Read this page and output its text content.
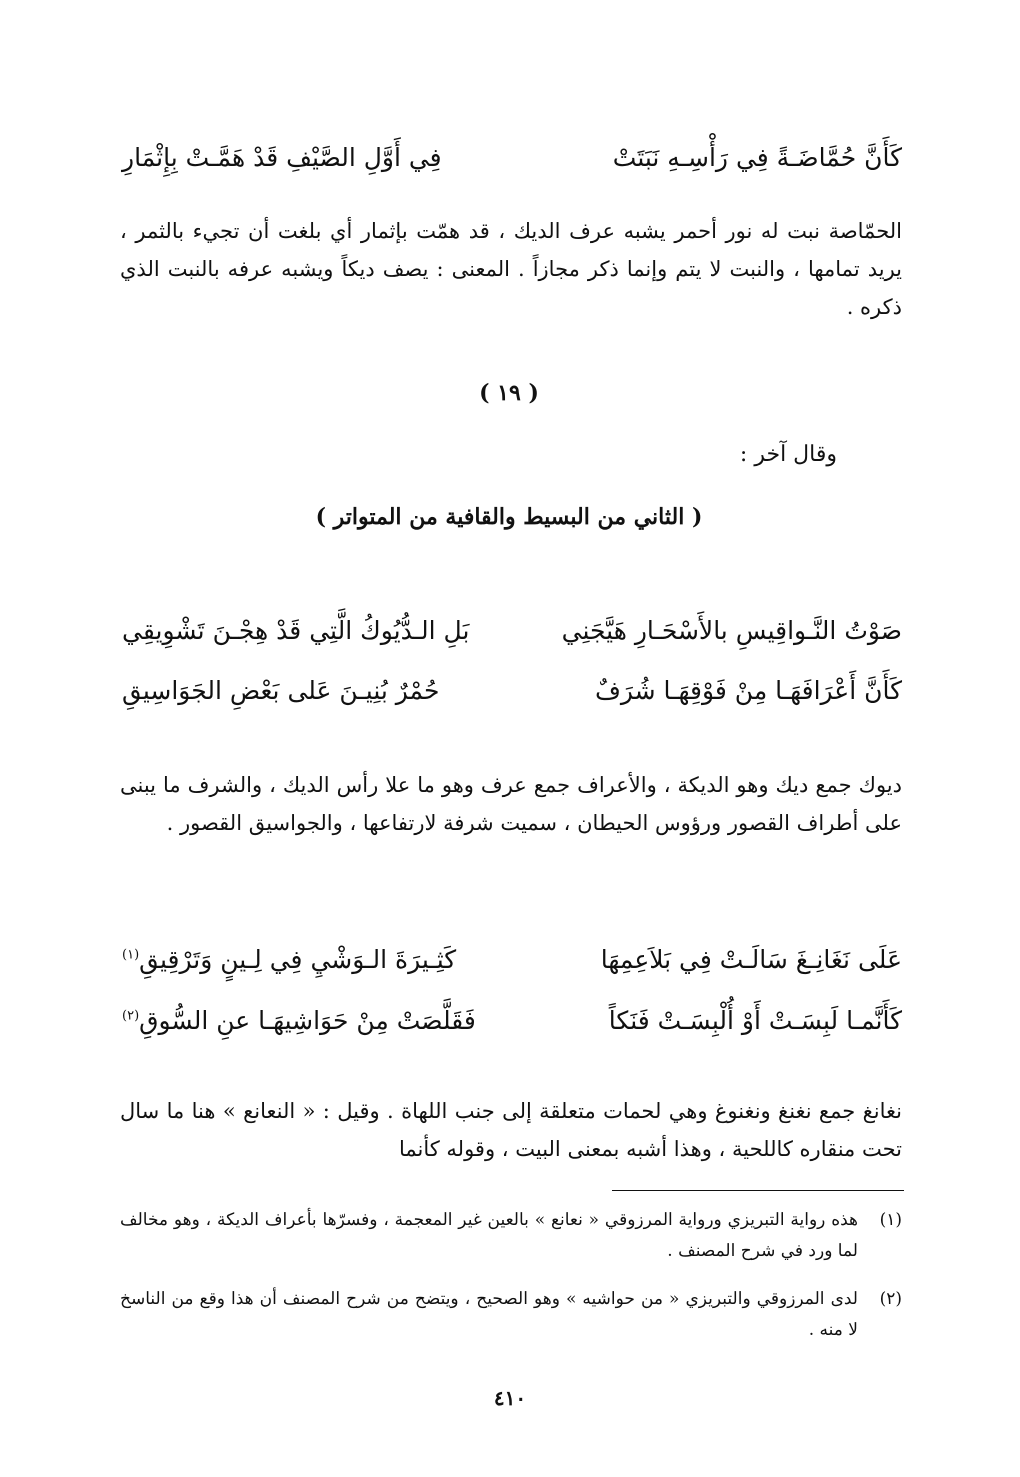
كَأَنَّ حُمَّاضَـةً فِي رَأْسِـهِ نَبَتَتْ
فِي أَوَّلِ الصَّيْفِ قَدْ هَمَّـتْ بِإِثْمَارِ
الحمّاصة نبت له نور أحمر يشبه عرف الديك ، قد همّت بإثمار أي بلغت أن تجيء بالثمر ، يريد تمامها ، والنبت لا يتم وإنما ذكر مجازاً . المعنى : يصف ديكاً ويشبه عرفه بالنبت الذي ذكره .
( ١٩ )
وقال آخر :
( الثاني من البسيط والقافية من المتواتر )
صَوْتُ النَّـواقِيسِ بالأَسْحَـارِ هَيَّجَنِي
بَلِ الـدُّيُوكُ الَّتِي قَدْ هِجْـنَ تَشْوِيقِي
كَأَنَّ أَعْرَافَهَـا مِنْ فَوْقِهَـا شُرَفٌ
حُمْرٌ بُنِيـنَ عَلى بَعْضِ الجَوَاسِيقِ
ديوك جمع ديك وهو الديكة ، والأعراف جمع عرف وهو ما علا رأس الديك ، والشرف ما يبنى على أطراف القصور ورؤوس الحيطان ، سميت شرفة لارتفاعها ، والجواسيق القصور .
عَلَى نَغَانِـغَ سَالَـتْ فِي بَلاَعِمِهَا
كَثِـيرَةَ الـوَشْيِ فِي لِـينٍ وَتَرْقِيقِ$^{(١)}$
كَأَنَّمـا لَبِسَـتْ أَوْ أُلْبِسَـتْ فَنَكاً
فَقَلَّصَتْ مِنْ حَوَاشِيهَـا عنِ السُّوقِ$^{(٢)}$
نغانغ جمع نغنغ ونغنوغ وهي لحمات متعلقة إلى جنب اللهاة . وقيل : « النعانع » هنا ما سال تحت منقاره كاللحية ، وهذا أشبه بمعنى البيت ، وقوله كأنما
(١)
هذه رواية التبريزي ورواية المرزوقي « نعانع » بالعين غير المعجمة ، وفسرّها بأعراف الديكة ، وهو مخالف لما ورد في شرح المصنف .
(٢)
لدى المرزوقي والتبريزي « من حواشيه » وهو الصحيح ، ويتضح من شرح المصنف أن هذا وقع من الناسخ لا منه .
٤١٠
